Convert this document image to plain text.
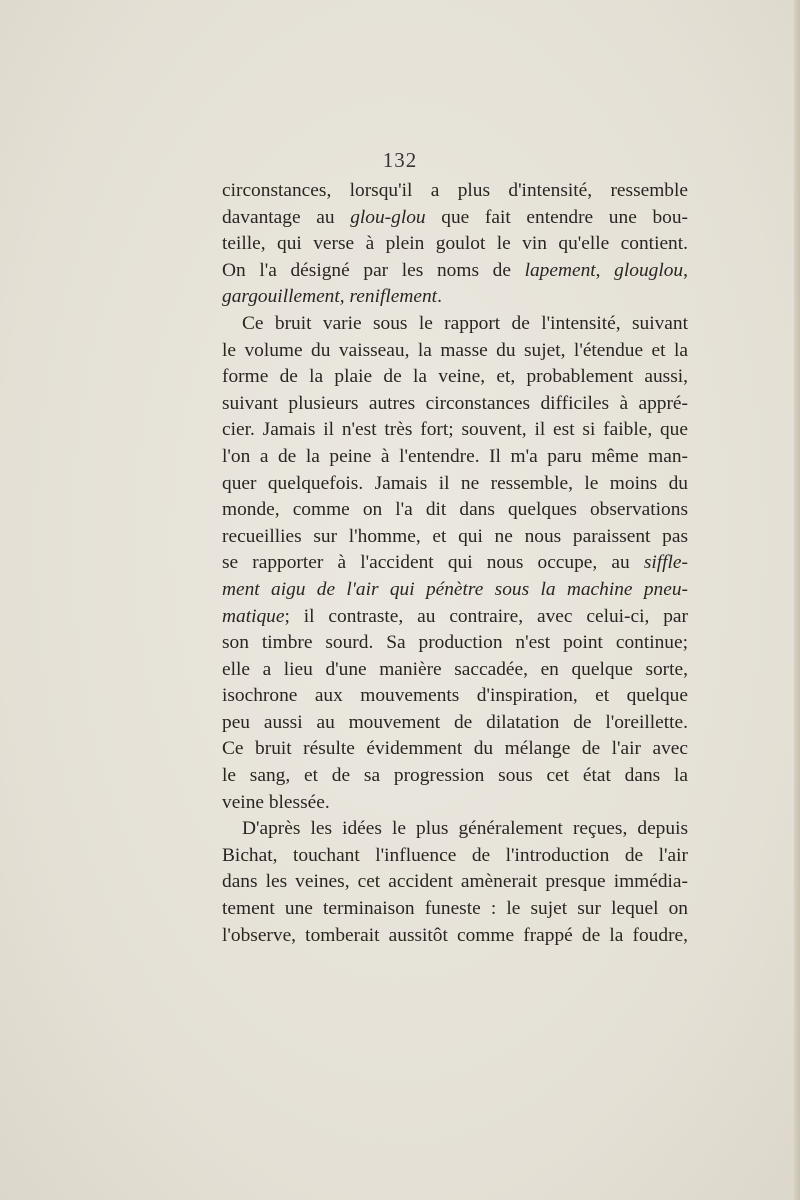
132
circonstances, lorsqu'il a plus d'intensité, ressemble
davantage au glou-glou que fait entendre une bou-
teille, qui verse à plein goulot le vin qu'elle contient.
On l'a désigné par les noms de lapement, glouglou,
gargouillement, reniflement.
Ce bruit varie sous le rapport de l'intensité, suivant
le volume du vaisseau, la masse du sujet, l'étendue et la
forme de la plaie de la veine, et, probablement aussi,
suivant plusieurs autres circonstances difficiles à appré-
cier. Jamais il n'est très fort; souvent, il est si faible, que
l'on a de la peine à l'entendre. Il m'a paru même man-
quer quelquefois. Jamais il ne ressemble, le moins du
monde, comme on l'a dit dans quelques observations
recueillies sur l'homme, et qui ne nous paraissent pas
se rapporter à l'accident qui nous occupe, au siffle-
ment aigu de l'air qui pénètre sous la machine pneu-
matique; il contraste, au contraire, avec celui-ci, par
son timbre sourd. Sa production n'est point continue;
elle a lieu d'une manière saccadée, en quelque sorte,
isochrone aux mouvements d'inspiration, et quelque
peu aussi au mouvement de dilatation de l'oreillette.
Ce bruit résulte évidemment du mélange de l'air avec
le sang, et de sa progression sous cet état dans la
veine blessée.
D'après les idées le plus généralement reçues, depuis
Bichat, touchant l'influence de l'introduction de l'air
dans les veines, cet accident amènerait presque immédia-
tement une terminaison funeste : le sujet sur lequel on
l'observe, tomberait aussitôt comme frappé de la foudre,
